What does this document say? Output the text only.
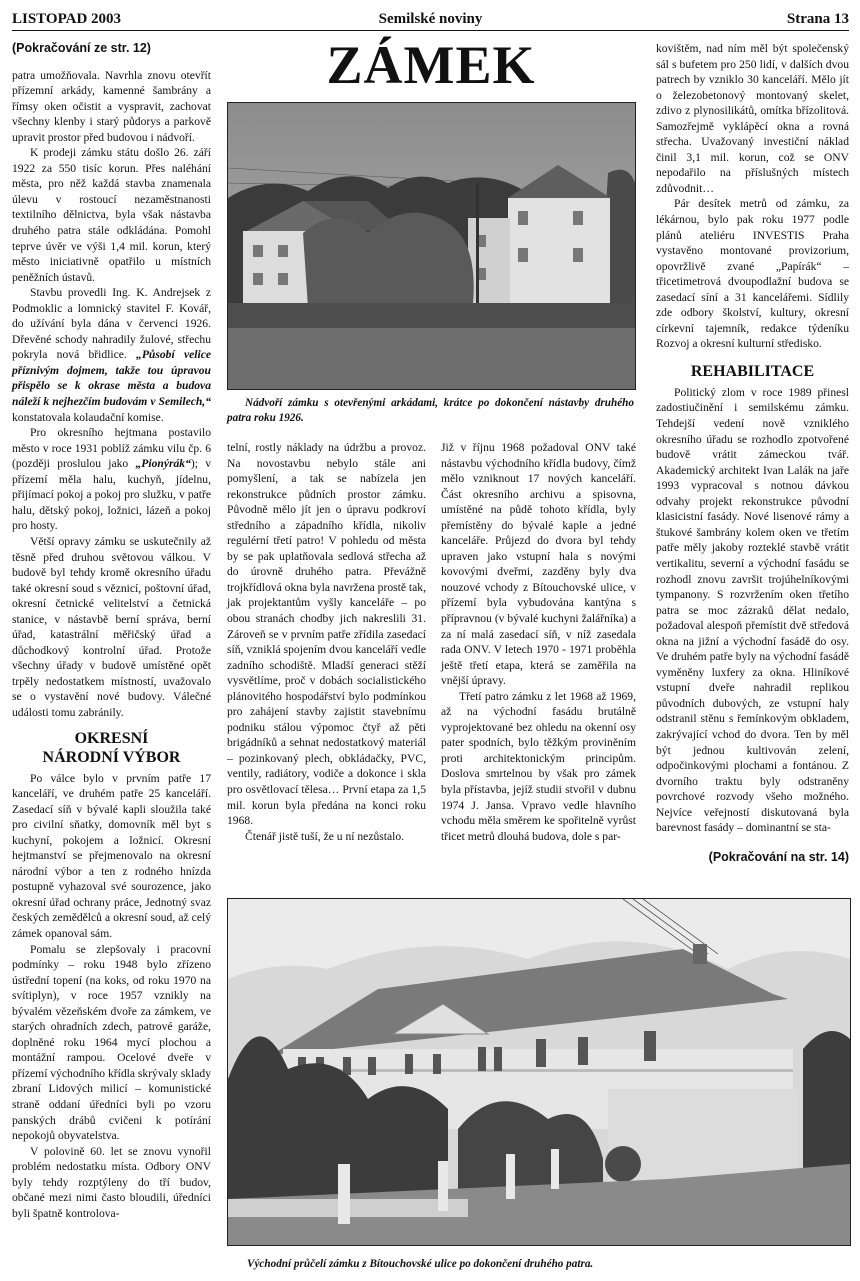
LISTOPAD 2003	Semilské noviny	Strana 13
ZÁMEK
Nádvoří zámku s otevřenými arkádami, krátce po dokončení nástavby druhého patra roku 1926.

(Pokračování ze str. 12)

patra umožňovala. Navrhla znovu otevřít přízemní arkády, kamenné šambrány a římsy oken očistit a vyspravit, zachovat všechny klenby i starý půdorys a parkově upravit prostor před budovou i nádvoří.

K prodeji zámku státu došlo 26. září 1922 za 550 tisíc korun. Přes naléhání města, pro něž každá stavba znamenala úlevu v rostoucí nezaměstnanosti textilního dělnictva, byla však nástavba druhého patra stále odkládána. Pomohl teprve úvěr ve výši 1,4 mil. korun, který město iniciativně opatřilo u místních peněžních ústavů.

Stavbu provedli Ing. K. Andrejsek z Podmoklic a lomnický stavitel F. Kovář, do užívání byla dána v červenci 1926. Dřevěné schody nahradily žulové, střechu pokryla nová břidlice. „Působí velice příznivým dojmem, takže tou úpravou přispělo se k okrase města a budova náleží k nejhezčím budovám v Semilech,“ konstatovala kolaudační komise.

Pro okresního hejtmana postavilo město v roce 1931 poblíž zámku vilu čp. 6 (později proslulou jako „Pionýrák“); v přízemí měla halu, kuchyň, jídelnu, přijímací pokoj a pokoj pro služku, v patře halu, dětský pokoj, ložnici, lázeň a pokoj pro hosty.

Větší opravy zámku se uskutečnily až těsně před druhou světovou válkou. V budově byl tehdy kromě okresního úřadu také okresní soud s věznicí, poštovní úřad, okresní četnické velitelství a četnická stanice, v nástavbě berní správa, berní úřad, katastrální měřičský úřad a důchodkový kontrolní úřad. Protože všechny úřady v budově umístěné opět trpěly nedostatkem místností, uvažovalo se o vystavění nové budovy. Válečné události tomu zabránily.

OKRESNÍ
NÁRODNÍ VÝBOR

Po válce bylo v prvním patře 17 kanceláří, ve druhém patře 25 kanceláří. Zasedací síň v bývalé kapli sloužila také pro civilní sňatky, domovník měl byt s kuchyní, pokojem a ložnicí. Okresní hejtmanství se přejmenovalo na okresní národní výbor a ten z rodného hnízda postupně vyhazoval své sourozence, jako okresní úřad ochrany práce, Jednotný svaz českých zemědělců a okresní soud, až celý zámek opanoval sám.

Pomalu se zlepšovaly i pracovní podmínky – roku 1948 bylo zřízeno ústřední topení (na koks, od roku 1970 na svítiplyn), v roce 1957 vznikly na bývalém vězeňském dvoře za zámkem, ve starých ohradních zdech, patrové garáže, doplněné roku 1964 mycí plochou a montážní rampou. Ocelové dveře v přízemí východního křídla skrývaly sklady zbraní Lidových milicí – komunistické straně oddaní úředníci byli po vzoru panských drábů cvičeni k potírání nepokojů obyvatelstva.

V polovině 60. let se znovu vynořil problém nedostatku místa. Odbory ONV byly tehdy rozptýleny do tří budov, občané mezi nimi často bloudili, úředníci byli špatně kontrolova-

telní, rostly náklady na údržbu a provoz. Na novostavbu nebylo stále ani pomyšlení, a tak se nabízela jen rekonstrukce půdních prostor zámku. Původně mělo jít jen o úpravu podkroví středního a západního křídla, nikoliv regulérní třetí patro! V pohledu od města by se pak uplatňovala sedlová střecha až do úrovně druhého patra. Převážně trojkřídlová okna byla navržena prostě tak, jak projektantům vyšly kanceláře – po obou stranách chodby jich nakreslili 31. Zároveň se v prvním patře zřídila zasedací síň, vzniklá spojením dvou kanceláří vedle zadního schodiště. Mladší generaci stěží vysvětlíme, proč v dobách socialistického plánovitého hospodářství bylo podmínkou pro zahájení stavby zajistit stavebnímu podniku stálou výpomoc čtyř až pěti brigádníků a sehnat nedostatkový materiál – pozinkovaný plech, obkládačky, PVC, ventily, radiátory, vodiče a dokonce i skla pro osvětlovací tělesa… První etapa za 1,5 mil. korun byla předána na konci roku 1968.

Čtenář jistě tuší, že u ní nezůstalo.

Již v říjnu 1968 požadoval ONV také nástavbu východního křídla budovy, čímž mělo vzniknout 17 nových kanceláří. Část okresního archivu a spisovna, umístěné na půdě tohoto křídla, byly přemístěny do bývalé kaple a jedné kanceláře. Průjezd do dvora byl tehdy upraven jako vstupní hala s novými kovovými dveřmi, zazděny byly dva nouzové vchody z Bítouchovské ulice, v přízemí byla vybudována kantýna s přípravnou (v bývalé kuchyni žalářníka) a za ní malá zasedací síň, v níž zasedala rada ONV. V letech 1970 - 1971 proběhla ještě třetí etapa, která se zaměřila na vnější úpravy.

Třetí patro zámku z let 1968 až 1969, až na východní fasádu brutálně vyprojektované bez ohledu na okenní osy pater spodních, bylo těžkým proviněním proti architektonickým principům. Doslova smrtelnou by však pro zámek byla přístavba, jejíž studii stvořil v dubnu 1974 J. Jansa. Vpravo vedle hlavního vchodu měla směrem ke spořitelně vyrůst třicet metrů dlouhá budova, dole s par-

kovištěm, nad ním měl být společenský sál s bufetem pro 250 lidí, v dalších dvou patrech by vzniklo 30 kanceláří. Mělo jít o železobetonový montovaný skelet, zdivo z plynosilikátů, omítka břízolitová. Samozřejmě vyklápěcí okna a rovná střecha. Uvažovaný investiční náklad činil 3,1 mil. korun, což se ONV nepodařilo na příslušných místech zdůvodnit…

Pár desítek metrů od zámku, za lékárnou, bylo pak roku 1977 podle plánů ateliéru INVESTIS Praha vystavěno montované provizorium, opovržlivě zvané „Papírák“ – třicetimetrová dvoupodlažní budova se zasedací síní a 31 kancelářemi. Sídlily zde odbory školství, kultury, okresní církevní tajemník, redakce týdeníku Rozvoj a okresní kulturní středisko.

REHABILITACE

Politický zlom v roce 1989 přinesl zadostiučinění i semilskému zámku. Tehdejší vedení nově vzniklého okresního úřadu se rozhodlo zpotvořené budově vrátit zámeckou tvář. Akademický architekt Ivan Lalák na jaře 1993 vypracoval s notnou dávkou odvahy projekt rekonstrukce původní klasicistní fasády. Nové lisenové rámy a štukové šambrány kolem oken ve třetím patře měly jakoby rozteklé stavbě vrátit vertikalitu, severní a východní fasádu se rozhodl znovu završit trojúhelníkovými tympanony. S rozvržením oken třetího patra se moc zázraků dělat nedalo, požadoval alespoň přemístit dvě středová okna na jižní a východní fasádě do osy. Ve druhém patře byly na východní fasádě vyměněny luxfery za okna. Hliníkové vstupní dveře nahradil replikou původních dubových, ze vstupní haly odstranil stěnu s řemínkovým obkladem, zakrývající vchod do dvora. Ten by měl být jednou kultivován zelení, odpočinkovými plochami a fontánou. Z dvorního traktu byly odstraněny povrchové rozvody všeho možného. Nejvíce veřejností diskutovaná byla barevnost fasády – dominantní se sta-

(Pokračování na str. 14)

Východní průčelí zámku z Bítouchovské ulice po dokončení druhého patra.
